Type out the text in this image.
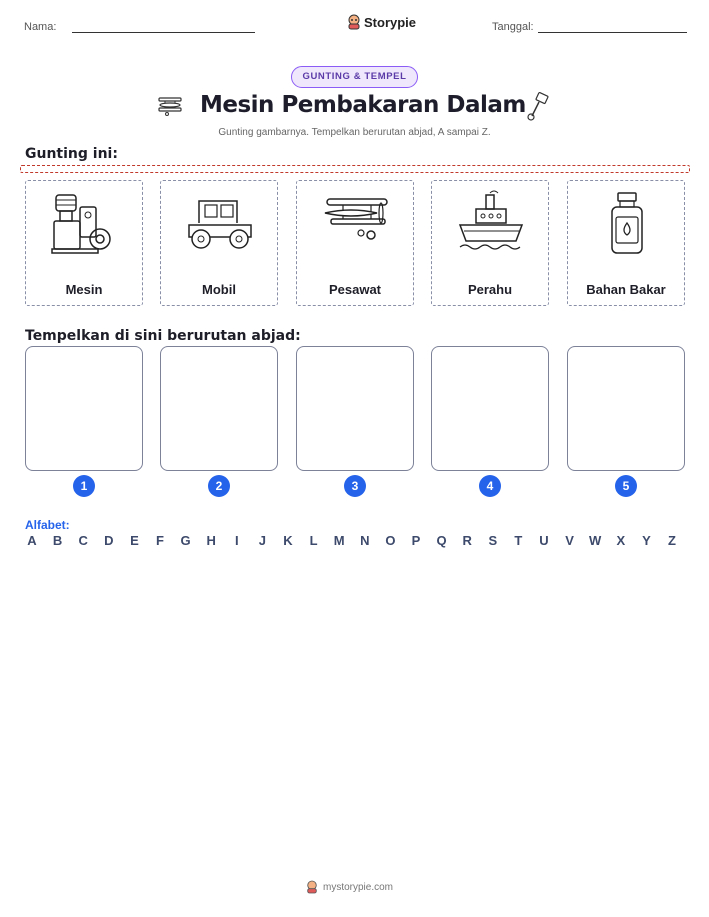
Nama:	Storypie	Tanggal:
GUNTING & TEMPEL
Mesin Pembakaran Dalam
Gunting gambarnya. Tempelkan berurutan abjad, A sampai Z.
Gunting ini:
Mesin	Mobil	Pesawat	Perahu	Bahan Bakar
Tempelkan di sini berurutan abjad:
1	2	3	4	5
Alfabet:
A B C D E F G H I J K L M N O P Q R S T U V W X Y Z
mystorypie.com
